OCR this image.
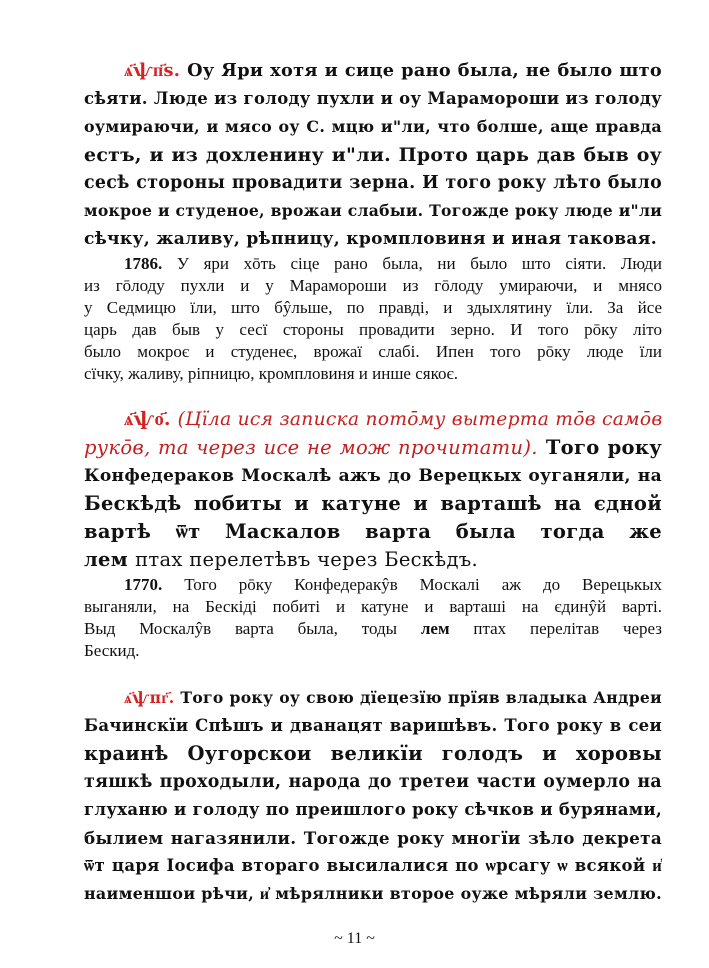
ѧ҃ѱп҃s. Оу Яри хотя и сице рано была, не было што
сѣяти. Люде из голоду пухли и оу Марамороши из голоду
оумираючи, и мясо оу С. мцю и"ли, что болше, аще правда
естъ, и из дохленину и"ли. Прото царь дав быв оу
сесѣ стороны провадити зерна. И того року лѣто было
мокрое и студеное, врожаи слабыи. Тогожде року люде и"ли
сѣчку, жаливу, рѣпницу, кромпловиня и иная таковая.
1786. У яри хōть сіце рано была, ни было што сіяти. Люди
из гōлоду пухли и у Марамороши из гōлоду умираючи, и мнясо
у Седмицю їли, што бŷльше, по правді, и здыхлятину їли. За йсе
царь дав быв у сесї стороны провадити зерно. И того рōку літо
было мокроє и студенеє, врожаї слабі. Ипен того рōку люде їли
сїчку, жаливу, ріпницю, кромпловиня и инше сякоє.
ѧ҃ѱо҃. (Цїла ися записка потōму вытерта тōв самōв
рукōв, та через исе не мож прочитати). Того року
Конфедераков Москалѣ ажъ до Верецкых оуганяли, на
Бескѣдѣ побиты и катуне и варташѣ на єдной
вартѣ ѿт Маскалов варта была тогда же
лем птах перелетѣвъ через Бескѣдъ.
1770. Того рōку Конфедеракŷв Москалі аж до Верецькых
выганяли, на Бескіді побиті и катуне и варташі на єдинŷй варті.
Выд Москалŷв варта была, тоды лем птах перелітав через
Бескид.
ѧ҃ѱпг҃. Того року оу свою дїецезїю прїяв владыка Андреи
Бачинскїи Спѣшъ и дванацят варишѣвъ. Того року в сеи
краинѣ Оугорскои великїи голодъ и хоровы
тяшкѣ проходыли, народа до третеи части оумерло на
глуханю и голоду по преишлого року сѣчков и бурянами,
былием нагазянили. Тогожде року многїи зѣло декрета
ѿт царя Іосифа втораго высилалися по ѡрсагу ѡ всякой и҆
наименшои рѣчи, и҆ мѣрялники второе оуже мѣряли землю.
~ 11 ~
